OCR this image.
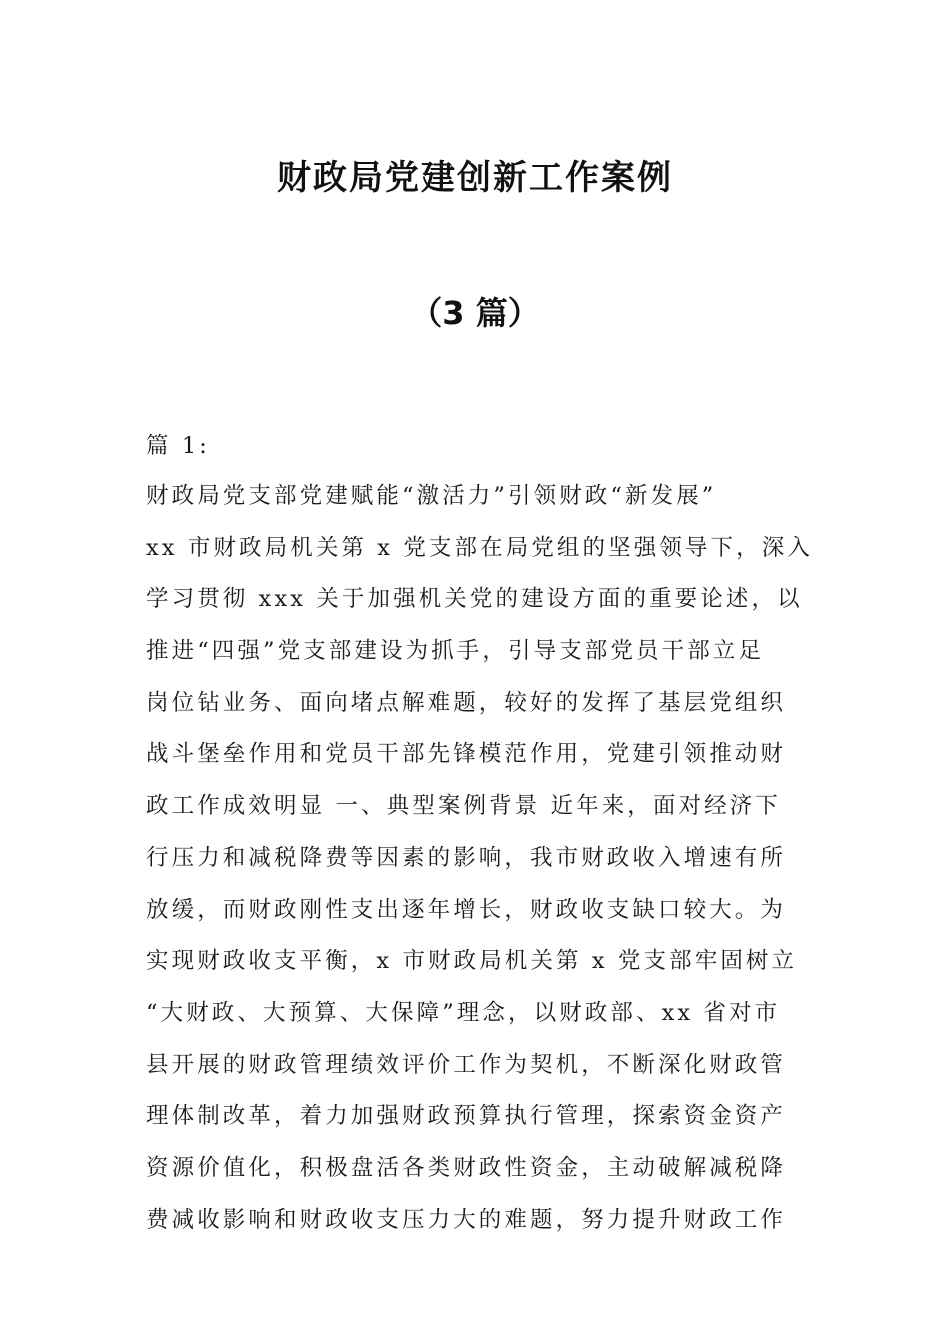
财政局党建创新工作案例
（3 篇）
篇 1:
财政局党支部党建赋能“激活力”引领财政“新发展”
xx 市财政局机关第 x 党支部在局党组的坚强领导下，深入
学习贯彻 xxx 关于加强机关党的建设方面的重要论述，以
推进“四强”党支部建设为抓手，引导支部党员干部立足
岗位钻业务、面向堵点解难题，较好的发挥了基层党组织
战斗堡垒作用和党员干部先锋模范作用，党建引领推动财
政工作成效明显 一、典型案例背景 近年来，面对经济下
行压力和减税降费等因素的影响，我市财政收入增速有所
放缓，而财政刚性支出逐年增长，财政收支缺口较大。为
实现财政收支平衡，x 市财政局机关第 x 党支部牢固树立
“大财政、大预算、大保障”理念，以财政部、xx 省对市
县开展的财政管理绩效评价工作为契机，不断深化财政管
理体制改革，着力加强财政预算执行管理，探索资金资产
资源价值化，积极盘活各类财政性资金，主动破解减税降
费减收影响和财政收支压力大的难题，努力提升财政工作
